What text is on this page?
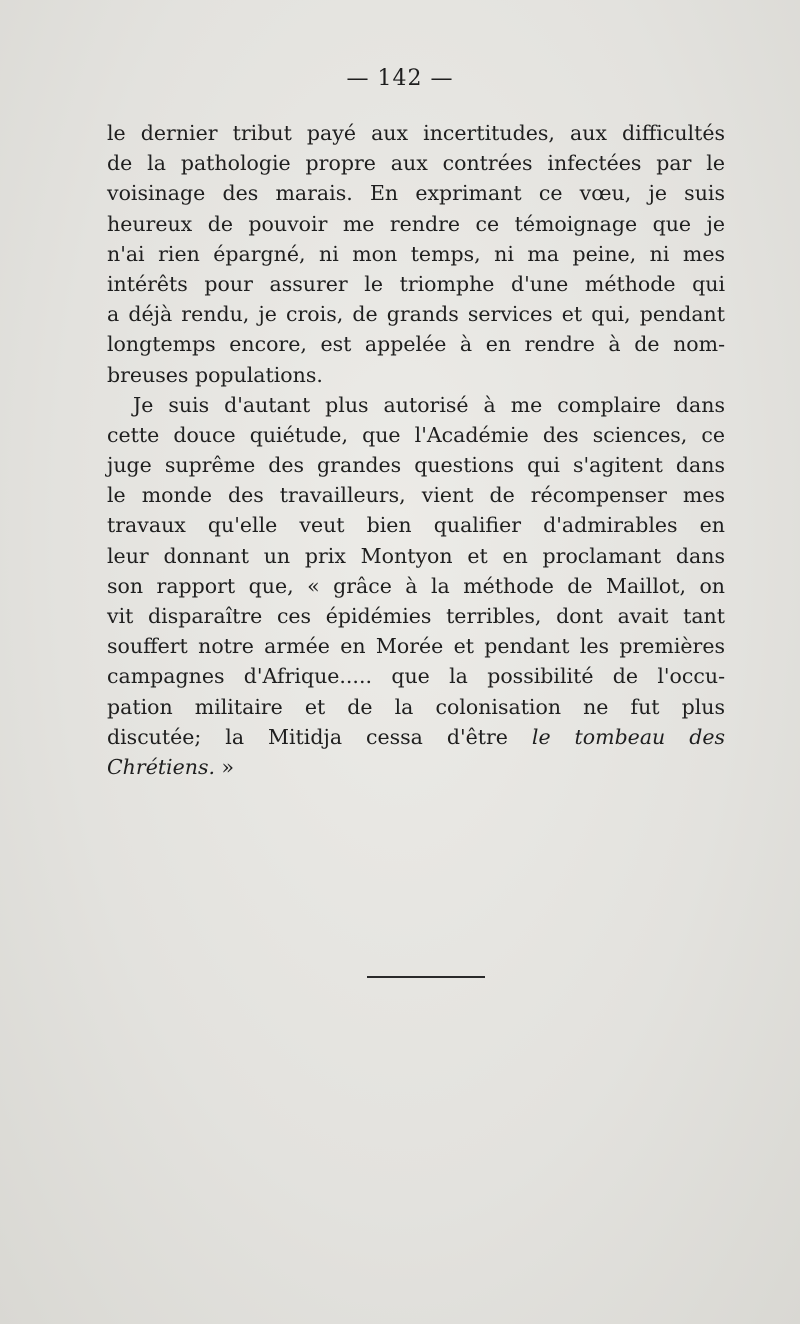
— 142 —
le dernier tribut payé aux incertitudes, aux difficultés
de la pathologie propre aux contrées infectées par le
voisinage des marais. En exprimant ce vœu, je suis
heureux de pouvoir me rendre ce témoignage que je
n'ai rien épargné, ni mon temps, ni ma peine, ni mes
intérêts pour assurer le triomphe d'une méthode qui
a déjà rendu, je crois, de grands services et qui, pendant
longtemps encore, est appelée à en rendre à de nom-
breuses populations.
Je suis d'autant plus autorisé à me complaire dans
cette douce quiétude, que l'Académie des sciences, ce
juge suprême des grandes questions qui s'agitent dans
le monde des travailleurs, vient de récompenser mes
travaux qu'elle veut bien qualifier d'admirables en
leur donnant un prix Montyon et en proclamant dans
son rapport que, « grâce à la méthode de Maillot, on
vit disparaître ces épidémies terribles, dont avait tant
souffert notre armée en Morée et pendant les premières
campagnes d'Afrique..... que la possibilité de l'occu-
pation militaire et de la colonisation ne fut plus
discutée; la Mitidja cessa d'être le tombeau des
Chrétiens. »
